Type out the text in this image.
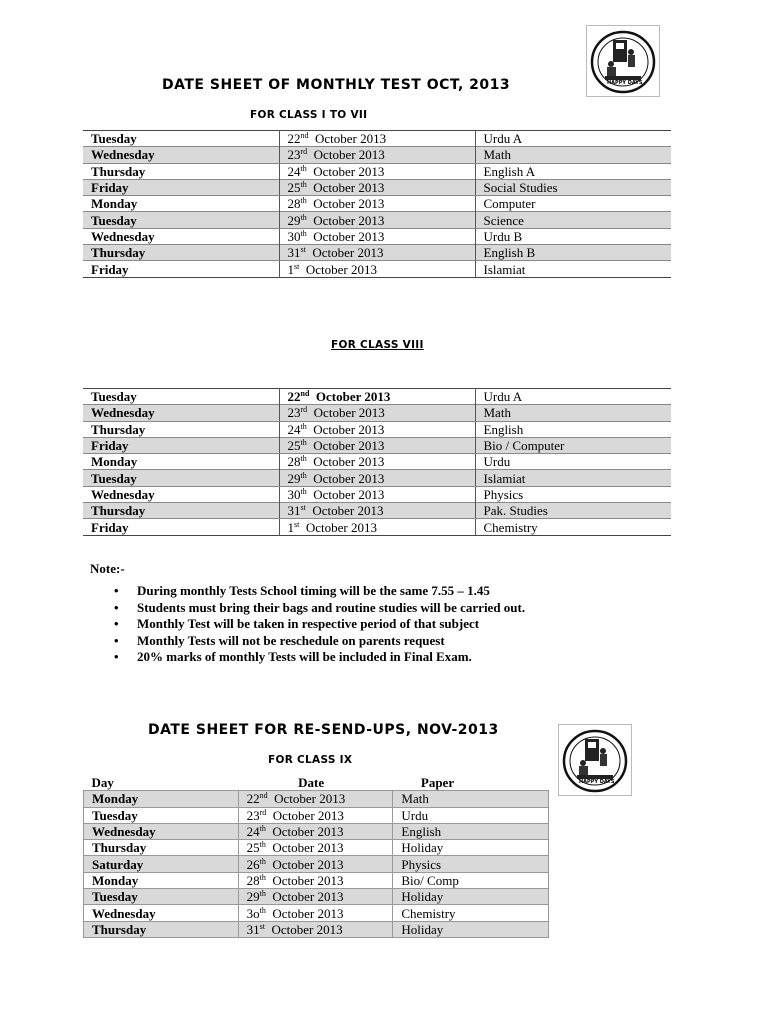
HAPPY DAYS
DATE SHEET OF MONTHLY TEST OCT, 2013
FOR CLASS I TO VII
Tuesday	22nd  October 2013	Urdu A
Wednesday	23rd  October 2013	Math
Thursday	24th  October 2013	English A
Friday	25th  October 2013	Social Studies
Monday	28th  October 2013	Computer
Tuesday	29th  October 2013	Science
Wednesday	30th  October 2013	Urdu B
Thursday	31st  October 2013	English B
Friday	1st  October 2013	Islamiat
FOR CLASS VIII
Tuesday	22nd  October 2013	Urdu A
Wednesday	23rd  October 2013	Math
Thursday	24th  October 2013	English
Friday	25th  October 2013	Bio / Computer
Monday	28th  October 2013	Urdu
Tuesday	29th  October 2013	Islamiat
Wednesday	30th  October 2013	Physics
Thursday	31st  October 2013	Pak. Studies
Friday	1st  October 2013	Chemistry
Note:-
• During monthly Tests School timing will be the same 7.55 – 1.45
• Students must bring their bags and routine studies will be carried out.
• Monthly Test will be taken in respective period of that subject
• Monthly Tests will not be reschedule on parents request
• 20% marks of monthly Tests will be included in Final Exam.
HAPPY DAYS
DATE SHEET FOR RE-SEND-UPS, NOV-2013
FOR CLASS IX
Day	Date	Paper
Monday	22nd  October 2013	Math
Tuesday	23rd  October 2013	Urdu
Wednesday	24th  October 2013	English
Thursday	25th  October 2013	Holiday
Saturday	26th  October 2013	Physics
Monday	28th  October 2013	Bio/ Comp
Tuesday	29th  October 2013	Holiday
Wednesday	$3o^{th}$  October 2013	Chemistry
Thursday	31st  October 2013	Holiday
